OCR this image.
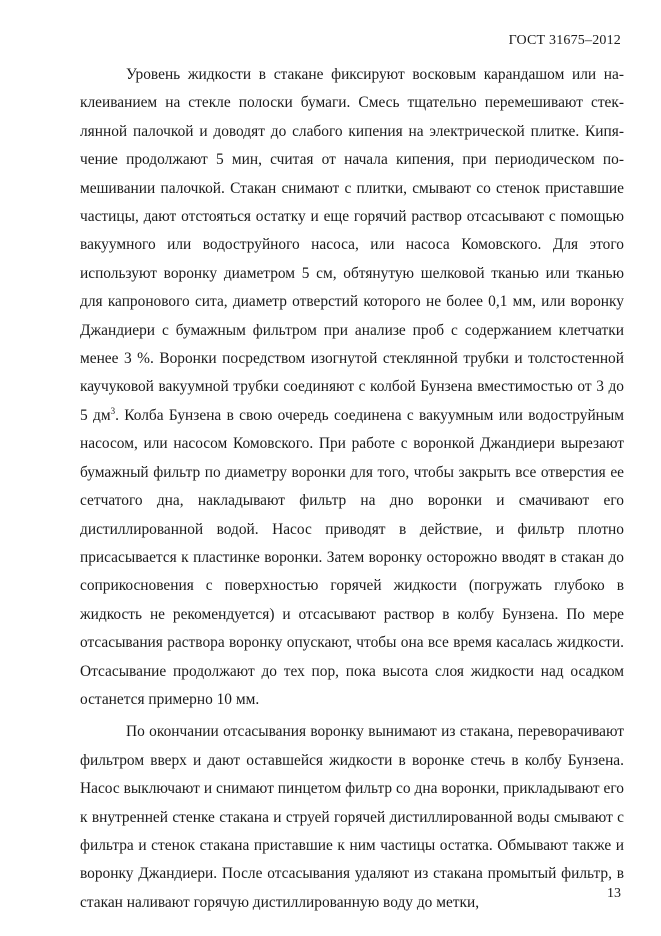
ГОСТ 31675–2012

Уровень жидкости в стакане фиксируют восковым карандашом или наклеиванием на стекле полоски бумаги. Смесь тщательно перемешивают стеклянной палочкой и доводят до слабого кипения на электрической плитке. Кипячение продолжают 5 мин, считая от начала кипения, при периодическом помешивании палочкой. Стакан снимают с плитки, смывают со стенок приставшие частицы, дают отстояться остатку и еще горячий раствор отсасывают с помощью вакуумного или водоструйного насоса, или насоса Комовского. Для этого используют воронку диаметром 5 см, обтянутую шелковой тканью или тканью для капронового сита, диаметр отверстий которого не более 0,1 мм, или воронку Джандиери с бумажным фильтром при анализе проб с содержанием клетчатки менее 3 %. Воронки посредством изогнутой стеклянной трубки и толстостенной каучуковой вакуумной трубки соединяют с колбой Бунзена вместимостью от 3 до 5 $дм^3$. Колба Бунзена в свою очередь соединена с вакуумным или водоструйным насосом, или насосом Комовского. При работе с воронкой Джандиери вырезают бумажный фильтр по диаметру воронки для того, чтобы закрыть все отверстия ее сетчатого дна, накладывают фильтр на дно воронки и смачивают его дистиллированной водой. Насос приводят в действие, и фильтр плотно присасывается к пластинке воронки. Затем воронку осторожно вводят в стакан до соприкосновения с поверхностью горячей жидкости (погружать глубоко в жидкость не рекомендуется) и отсасывают раствор в колбу Бунзена. По мере отсасывания раствора воронку опускают, чтобы она все время касалась жидкости. Отсасывание продолжают до тех пор, пока высота слоя жидкости над осадком останется примерно 10 мм.

По окончании отсасывания воронку вынимают из стакана, переворачивают фильтром вверх и дают оставшейся жидкости в воронке стечь в колбу Бунзена. Насос выключают и снимают пинцетом фильтр со дна воронки, прикладывают его к внутренней стенке стакана и струей горячей дистиллированной воды смывают с фильтра и стенок стакана приставшие к ним частицы остатка. Обмывают также и воронку Джандиери. После отсасывания удаляют из стакана промытый фильтр, в стакан наливают горячую дистиллированную воду до метки,

13
